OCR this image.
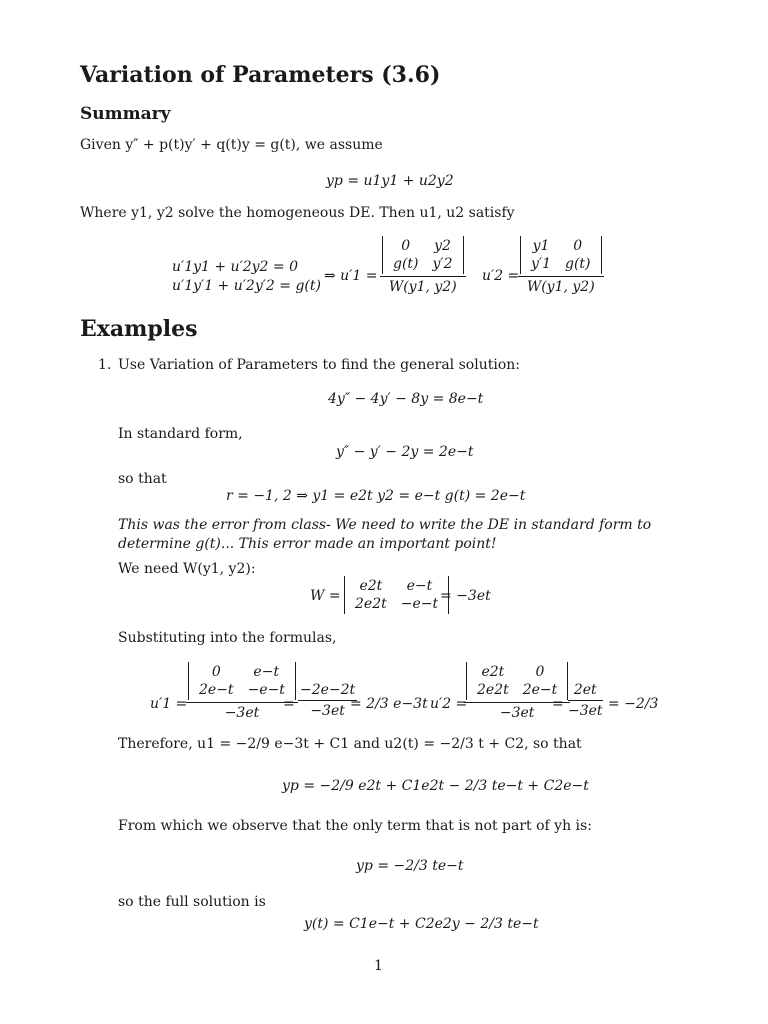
Variation of Parameters (3.6)
Summary
Given y″ + p(t)y′ + q(t)y = g(t), we assume
yp = u1y1 + u2y2
Where y1, y2 solve the homogeneous DE. Then u1, u2 satisfy
u′1y1 + u′2y2 = 0
u′1y′1 + u′2y′2 = g(t)
⇒ u′1 =
0	y2
g(t) y′2
W(y1, y2)
u′2 =
y1	0
y′1 g(t)
W(y1, y2)
Examples
1. Use Variation of Parameters to find the general solution:
4y″ − 4y′ − 8y = 8e−t
In standard form,
y″ − y′ − 2y = 2e−t
so that
r = −1, 2 ⇒ y1 = e2t y2 = e−t g(t) = 2e−t
This was the error from class- We need to write the DE in standard form to determine g(t)... This error made an important point!
We need W(y1, y2):
W =
e2t	e−t
2e2t −e−t = −3et
Substituting into the formulas,
u′1 =
0	e−t
2e−t −e−t
−3et
=
−2e−2t
−3et = 2/3 e−3t u′2 =
e2t	0
2e2t 2e−t
−3et
=
2et
−3et = −2/3
Therefore, u1 = −2/9 e−3t + C1 and u2(t) = −2/3 t + C2, so that
yp = −2/9 e2t + C1e2t − 2/3 te−t + C2e−t
From which we observe that the only term that is not part of yh is:
yp = −2/3 te−t
so the full solution is
y(t) = C1e−t + C2e2y − 2/3 te−t
1
